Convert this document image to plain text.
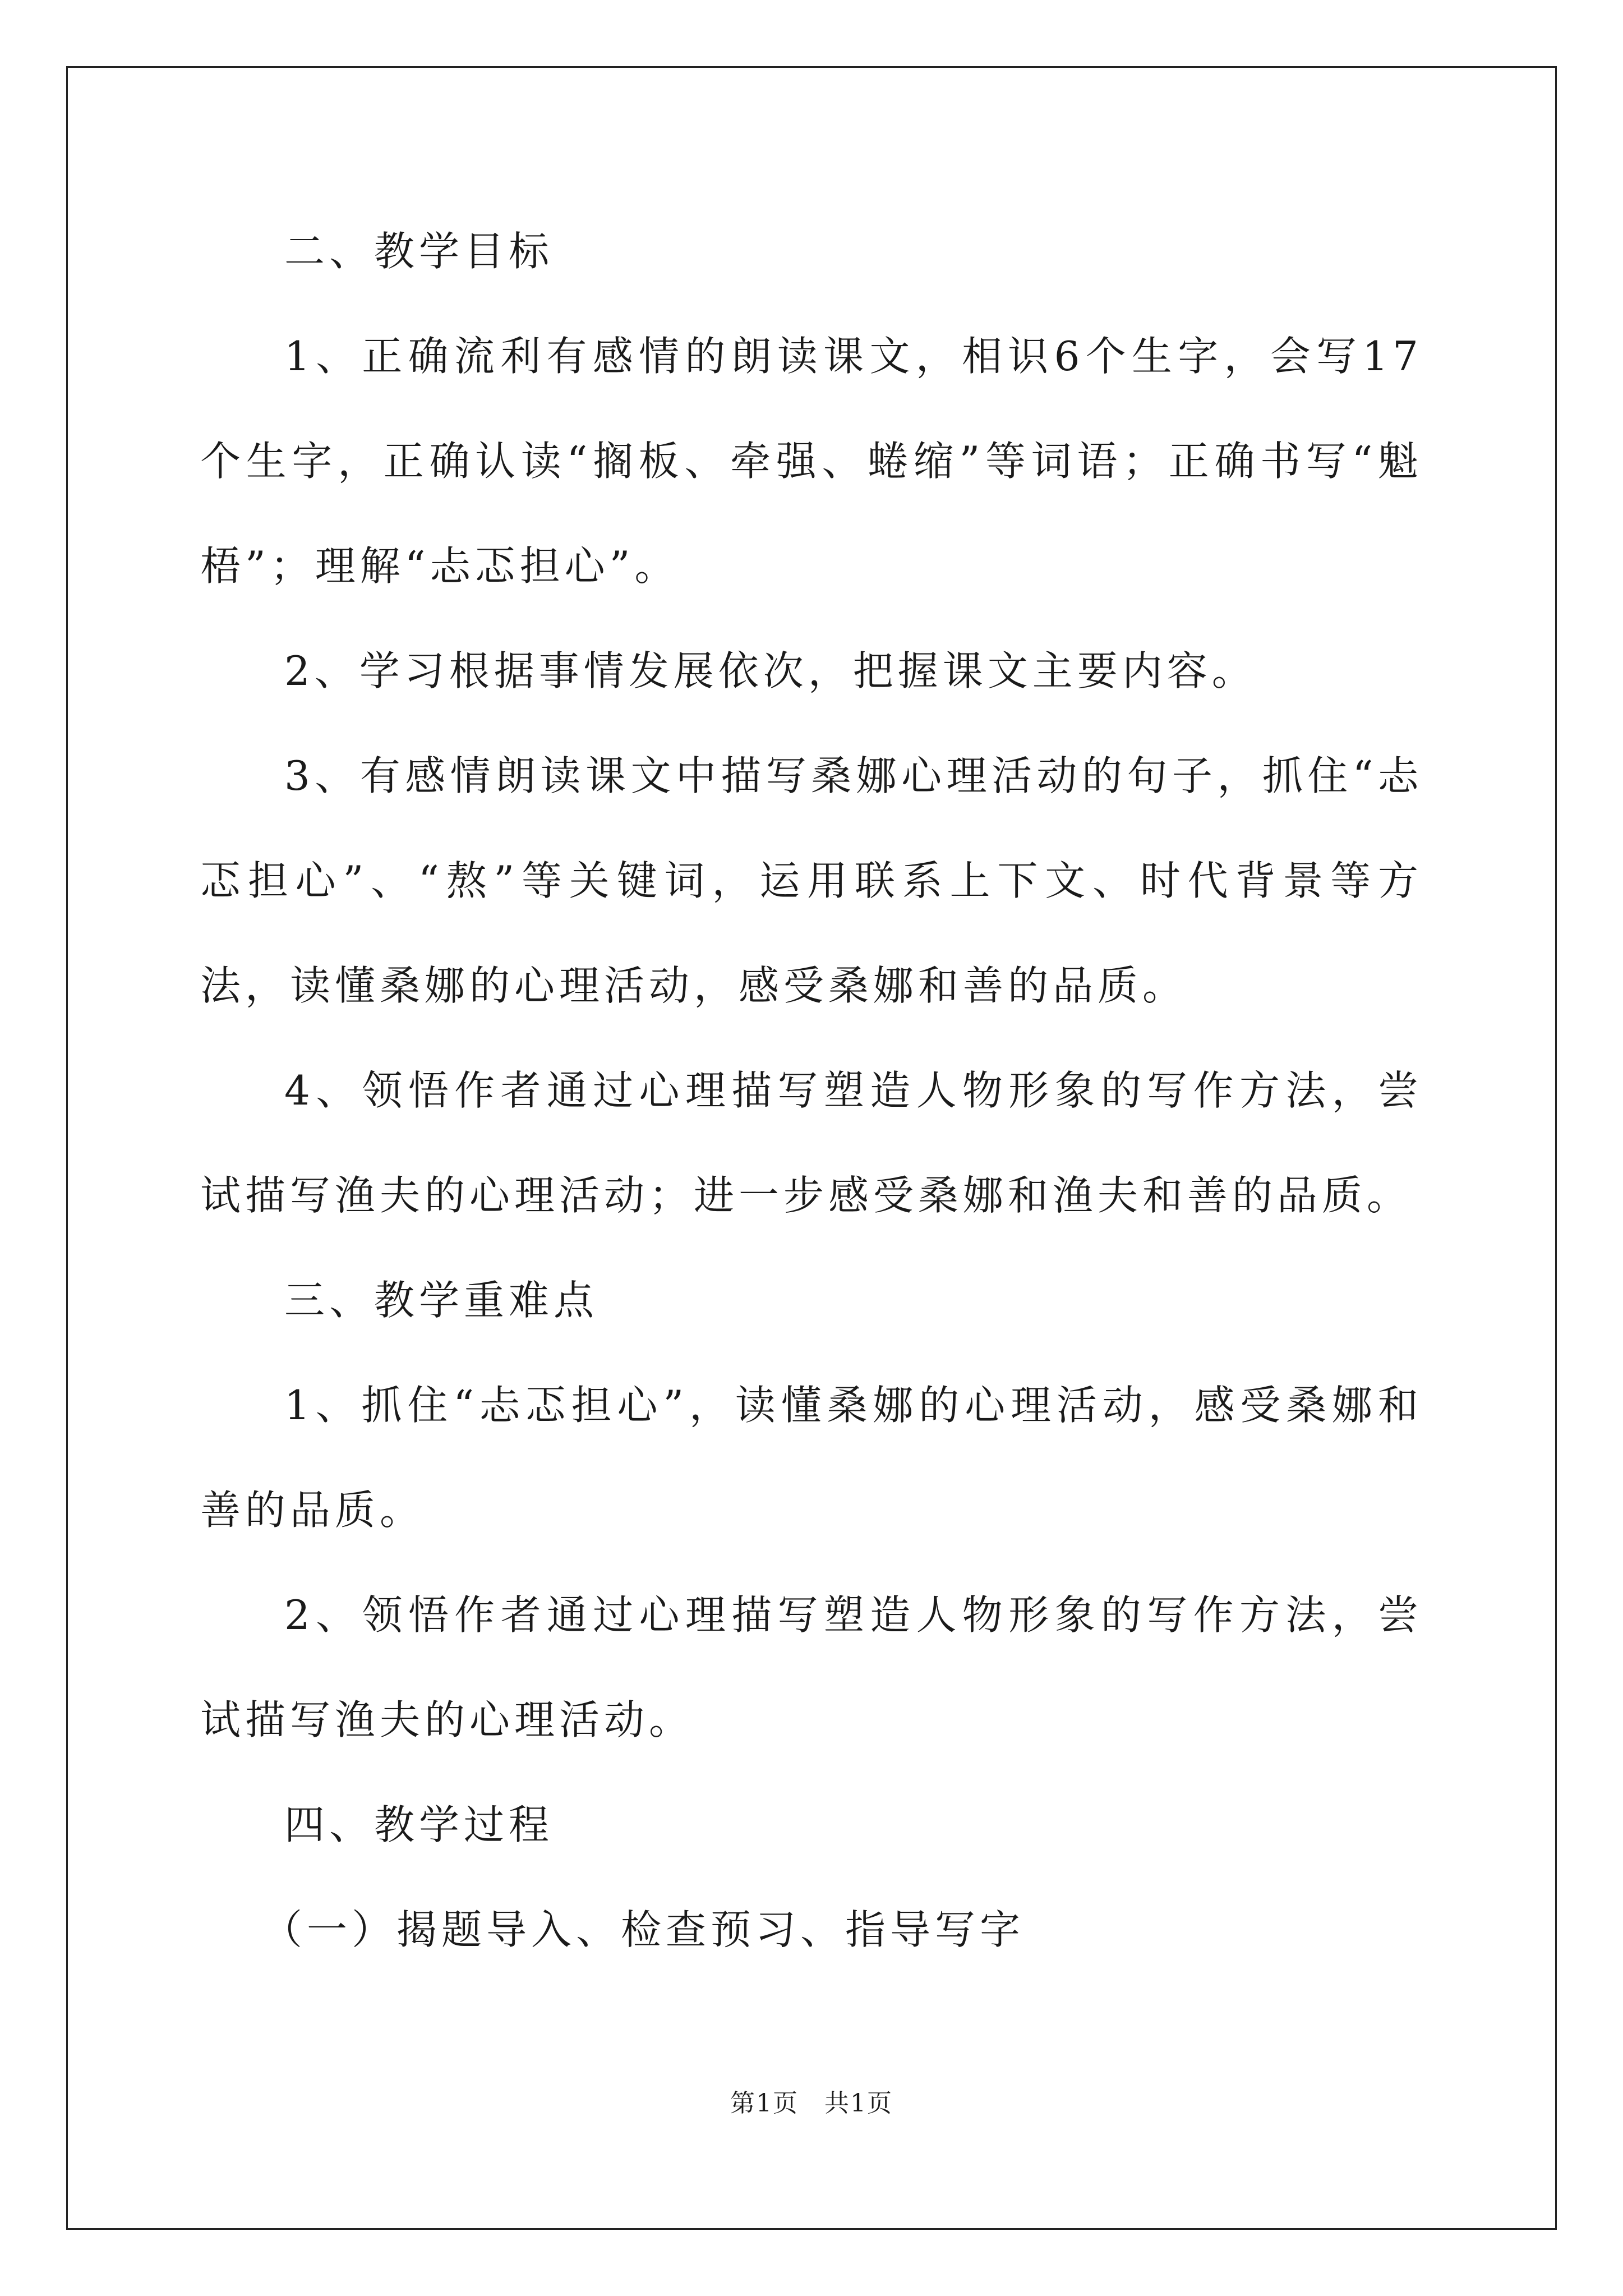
二、教学目标

1、正确流利有感情的朗读课文，相识6个生字，会写17个生字，正确认读“搁板、牵强、蜷缩”等词语；正确书写“魁梧”；理解“忐忑担心”。

2、学习根据事情发展依次，把握课文主要内容。

3、有感情朗读课文中描写桑娜心理活动的句子，抓住“忐忑担心”、“熬”等关键词，运用联系上下文、时代背景等方法，读懂桑娜的心理活动，感受桑娜和善的品质。

4、领悟作者通过心理描写塑造人物形象的写作方法，尝试描写渔夫的心理活动；进一步感受桑娜和渔夫和善的品质。

三、教学重难点

1、抓住“忐忑担心”，读懂桑娜的心理活动，感受桑娜和善的品质。

2、领悟作者通过心理描写塑造人物形象的写作方法，尝试描写渔夫的心理活动。

四、教学过程

（一）揭题导入、检查预习、指导写字

第1页　共1页
